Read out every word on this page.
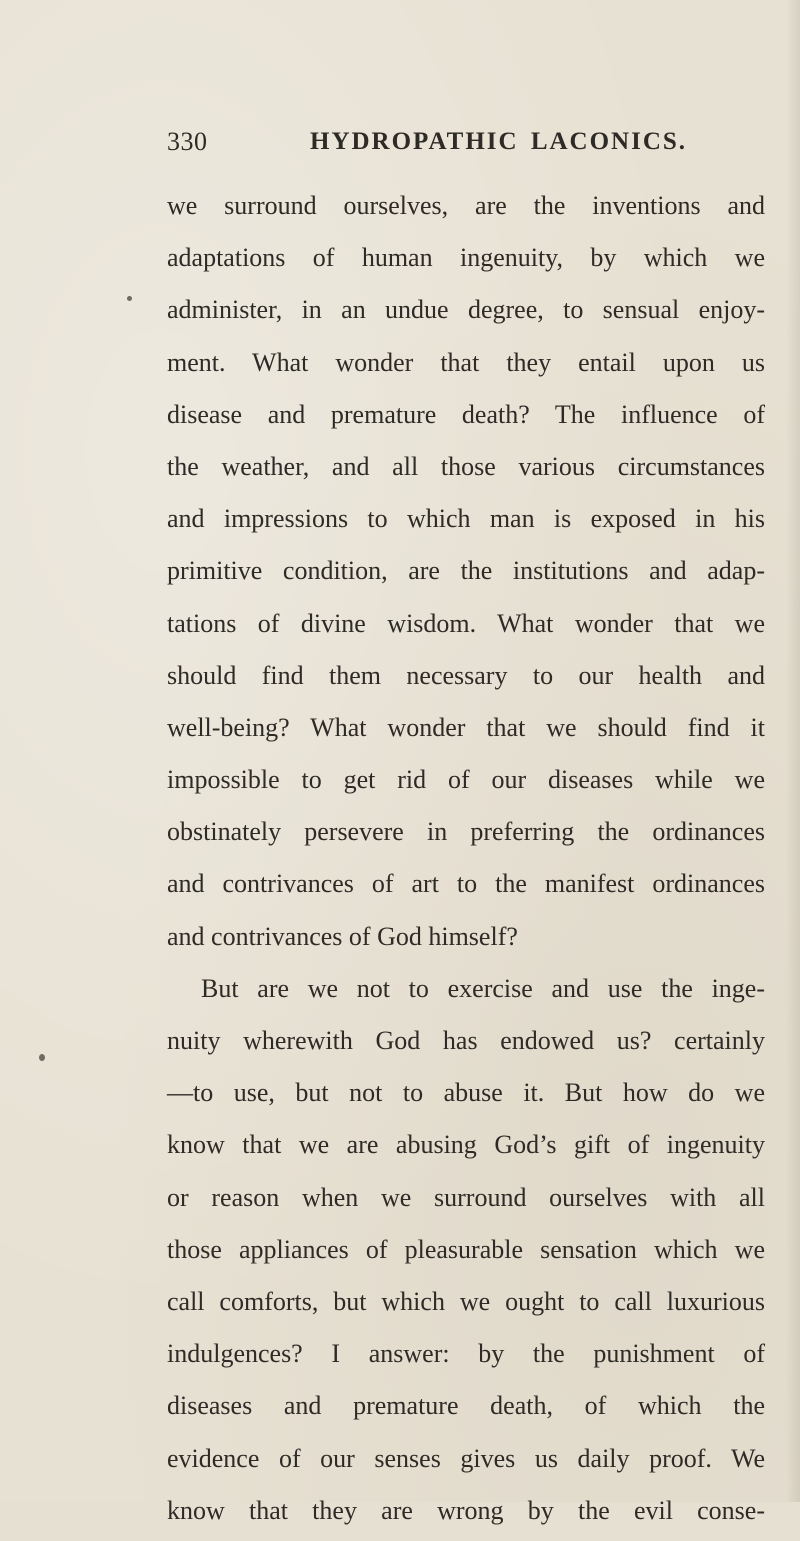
330	HYDROPATHIC LACONICS.
we surround ourselves, are the inventions and
adaptations of human ingenuity, by which we
administer, in an undue degree, to sensual enjoy-
ment. What wonder that they entail upon us
disease and premature death? The influence of
the weather, and all those various circumstances
and impressions to which man is exposed in his
primitive condition, are the institutions and adap-
tations of divine wisdom. What wonder that we
should find them necessary to our health and
well-being? What wonder that we should find it
impossible to get rid of our diseases while we
obstinately persevere in preferring the ordinances
and contrivances of art to the manifest ordinances
and contrivances of God himself?
But are we not to exercise and use the inge-
nuity wherewith God has endowed us? certainly
—to use, but not to abuse it. But how do we
know that we are abusing God’s gift of ingenuity
or reason when we surround ourselves with all
those appliances of pleasurable sensation which we
call comforts, but which we ought to call luxurious
indulgences? I answer: by the punishment of
diseases and premature death, of which the
evidence of our senses gives us daily proof. We
know that they are wrong by the evil conse-
